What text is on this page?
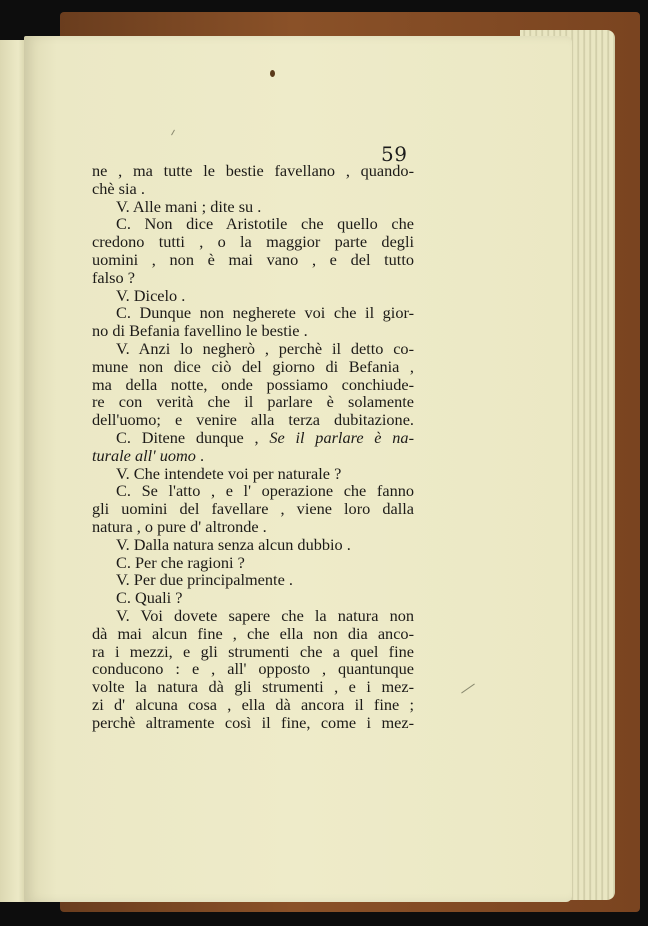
59
ne , ma tutte le bestie favellano , quando-
chè sia .
V. Alle mani ; dite su .
C. Non dice Aristotile che quello che
credono tutti , o la maggior parte degli
uomini , non è mai vano , e del tutto
falso ?
V. Dicelo .
C. Dunque non negherete voi che il gior-
no di Befania favellino le bestie .
V. Anzi lo negherò , perchè il detto co-
mune non dice ciò del giorno di Befania ,
ma della notte, onde possiamo conchiude-
re con verità che il parlare è solamente
dell'uomo; e venire alla terza dubitazione.
C. Ditene dunque , Se il parlare è na-
turale all' uomo .
V. Che intendete voi per naturale ?
C. Se l'atto , e l' operazione che fanno
gli uomini del favellare , viene loro dalla
natura , o pure d' altronde .
V. Dalla natura senza alcun dubbio .
C. Per che ragioni ?
V. Per due principalmente .
C. Quali ?
V. Voi dovete sapere che la natura non
dà mai alcun fine , che ella non dia anco-
ra i mezzi, e gli strumenti che a quel fine
conducono : e , all' opposto , quantunque
volte la natura dà gli strumenti , e i mez-
zi d' alcuna cosa , ella dà ancora il fine ;
perchè altramente così il fine, come i mez-
